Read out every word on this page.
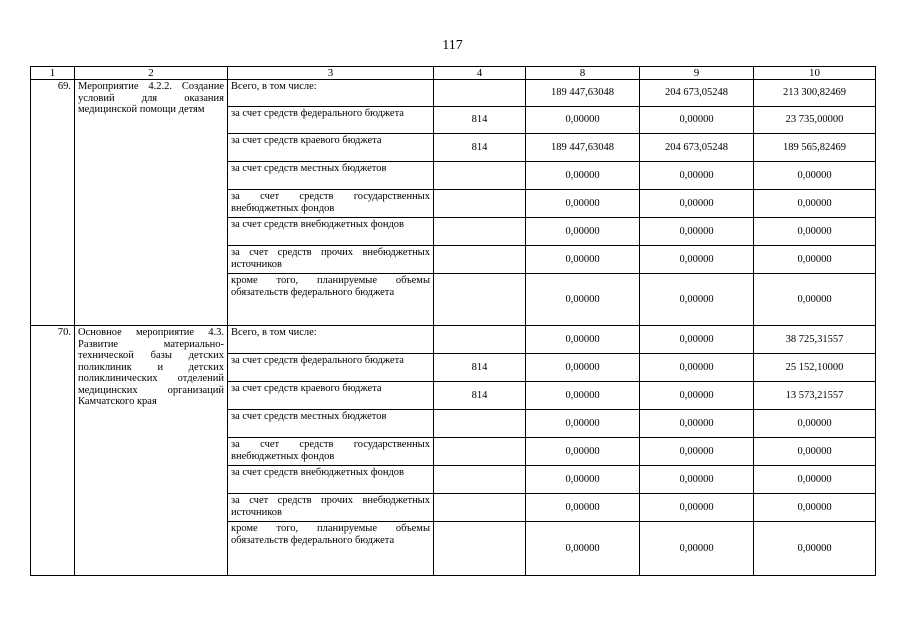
117
1	2	3	4	8	9	10
69.	Мероприятие 4.2.2. Создание условий для оказания медицинской помощи детям	Всего, в том числе:		189 447,63048	204 673,05248	213 300,82469
		за счет средств федерального бюджета	814	0,00000	0,00000	23 735,00000
		за счет средств краевого бюджета	814	189 447,63048	204 673,05248	189 565,82469
		за счет средств местных бюджетов		0,00000	0,00000	0,00000
		за счет средств государственных внебюджетных фондов		0,00000	0,00000	0,00000
		за счет средств внебюджетных фондов		0,00000	0,00000	0,00000
		за счет средств прочих внебюджетных источников		0,00000	0,00000	0,00000
		кроме того, планируемые объемы обязательств федерального бюджета		0,00000	0,00000	0,00000
70.	Основное мероприятие 4.3. Развитие материально-технической базы детских поликлиник и детских поликлинических отделений медицинских организаций Камчатского края	Всего, в том числе:		0,00000	0,00000	38 725,31557
		за счет средств федерального бюджета	814	0,00000	0,00000	25 152,10000
		за счет средств краевого бюджета	814	0,00000	0,00000	13 573,21557
		за счет средств местных бюджетов		0,00000	0,00000	0,00000
		за счет средств государственных внебюджетных фондов		0,00000	0,00000	0,00000
		за счет средств внебюджетных фондов		0,00000	0,00000	0,00000
		за счет средств прочих внебюджетных источников		0,00000	0,00000	0,00000
		кроме того, планируемые объемы обязательств федерального бюджета		0,00000	0,00000	0,00000
